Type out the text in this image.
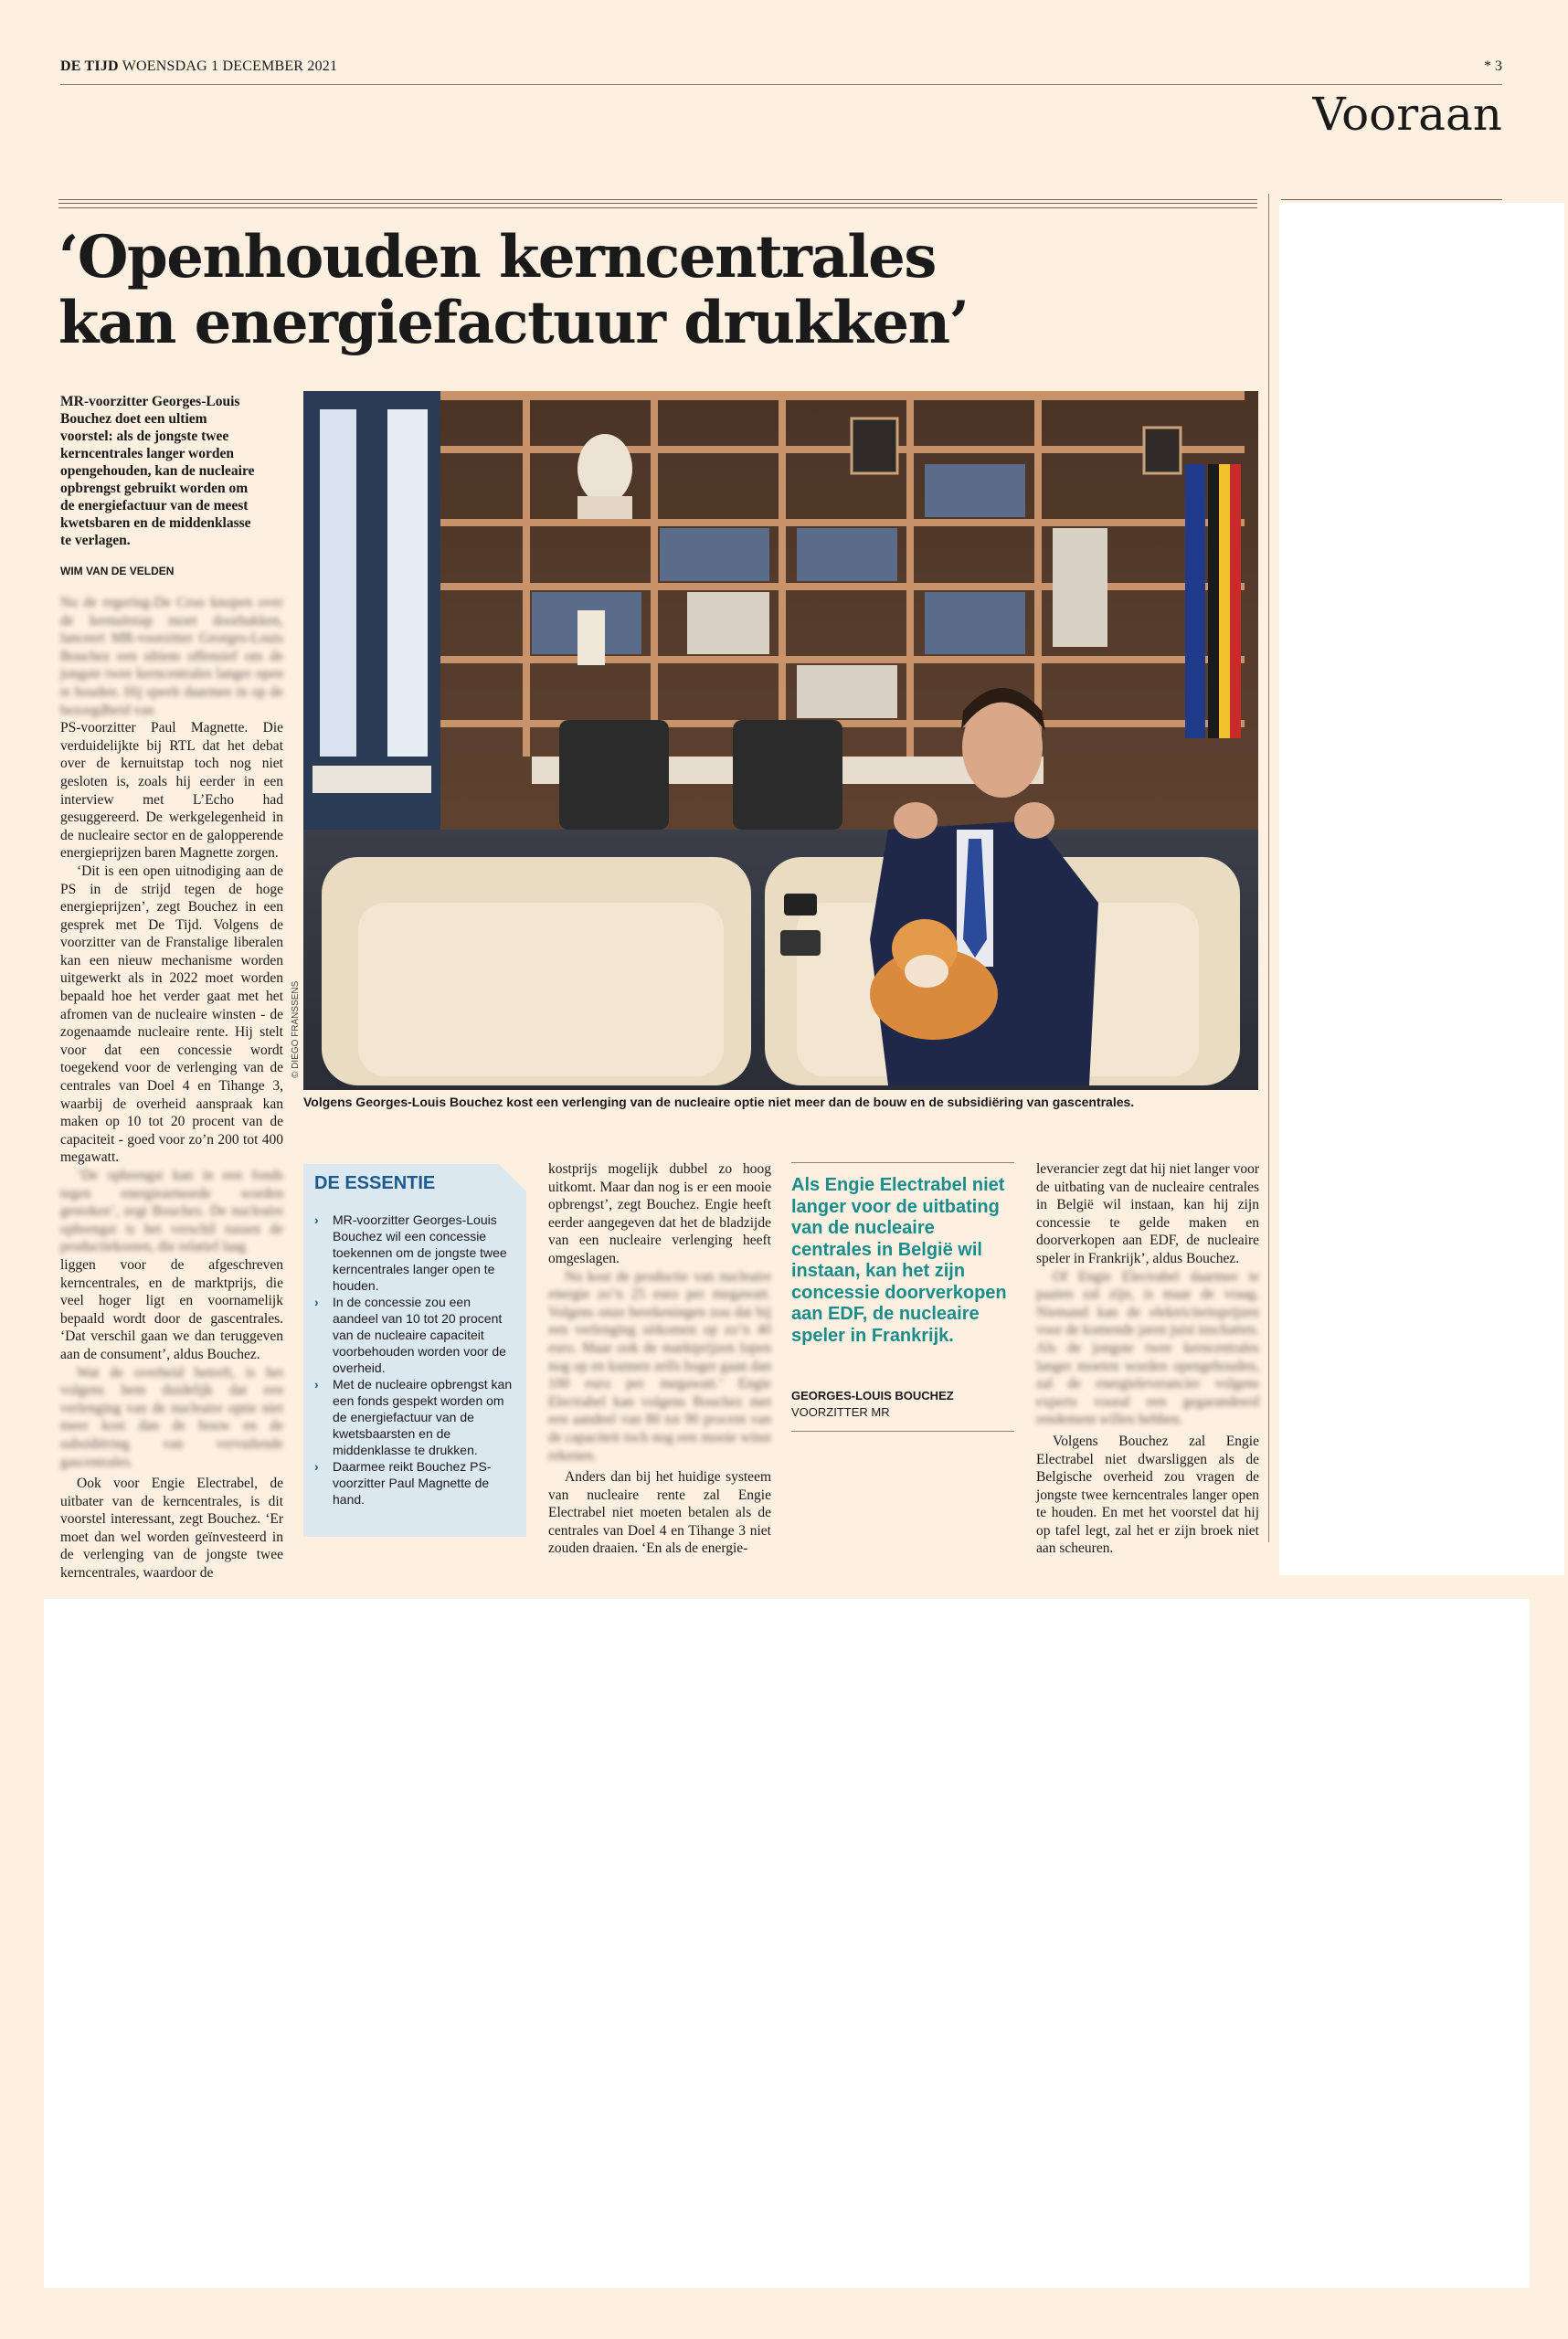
DE TIJD WOENSDAG 1 DECEMBER 2021	* 3
Vooraan
‘Openhouden kerncentrales
kan energiefactuur drukken’
MR-voorzitter Georges-Louis Bouchez doet een ultiem voorstel: als de jongste twee kerncentrales langer worden opengehouden, kan de nucleaire opbrengst gebruikt worden om de energiefactuur van de meest kwetsbaren en de middenklasse te verlagen.
WIM VAN DE VELDEN

Nu de regering-De Croo knopen over de kernuitstap moet doorhakken, lanceert MR-voorzitter Georges-Louis Bouchez een ultiem offensief om de jongste twee kerncentrales langer open te houden. Hij speelt daarmee in op de bezorgdheid van

PS-voorzitter Paul Magnette. Die verduidelijkte bij RTL dat het debat over de kernuitstap toch nog niet gesloten is, zoals hij eerder in een interview met L’Echo had gesuggereerd. De werkgelegenheid in de nucleaire sector en de galopperende energieprijzen baren Magnette zorgen.

‘Dit is een open uitnodiging aan de PS in de strijd tegen de hoge energieprijzen’, zegt Bouchez in een gesprek met De Tijd. Volgens de voorzitter van de Franstalige liberalen kan een nieuw mechanisme worden uitgewerkt als in 2022 moet worden bepaald hoe het verder gaat met het afromen van de nucleaire winsten - de zogenaamde nucleaire rente. Hij stelt voor dat een concessie wordt toegekend voor de verlenging van de centrales van Doel 4 en Tihange 3, waarbij de overheid aanspraak kan maken op 10 tot 20 procent van de capaciteit - goed voor zo’n 200 tot 400 megawatt.

‘De opbrengst kan in een fonds tegen energiearmoede worden gestoken’, zegt Bouchez. De nucleaire opbrengst is het verschil tussen de productiekosten, die relatief laag

liggen voor de afgeschreven kerncentrales, en de marktprijs, die veel hoger ligt en voornamelijk bepaald wordt door de gascentrales. ‘Dat verschil gaan we dan teruggeven aan de consument’, aldus Bouchez.

Wat de overheid betreft, is het volgens hem duidelijk dat een verlenging van de nucleaire optie niet meer kost dan de bouw en de subsidiëring van vervuilende gascentrales.

Ook voor Engie Electrabel, de uitbater van de kerncentrales, is dit voorstel interessant, zegt Bouchez. ‘Er moet dan wel worden geïnvesteerd in de verlenging van de jongste twee kerncentrales, waardoor de

© DIEGO FRANSSENS
Volgens Georges-Louis Bouchez kost een verlenging van de nucleaire optie niet meer dan de bouw en de subsidiëring van gascentrales.
DE ESSENTIE
› MR-voorzitter Georges-Louis Bouchez wil een concessie toekennen om de jongste twee kerncentrales langer open te houden.
› In de concessie zou een aandeel van 10 tot 20 procent van de nucleaire capaciteit voorbehouden worden voor de overheid.
› Met de nucleaire opbrengst kan een fonds gespekt worden om de energiefactuur van de kwetsbaarsten en de middenklasse te drukken.
› Daarmee reikt Bouchez PS-voorzitter Paul Magnette de hand.

kostprijs mogelijk dubbel zo hoog uitkomt. Maar dan nog is er een mooie opbrengst’, zegt Bouchez. Engie heeft eerder aangegeven dat het de bladzijde van een nucleaire verlenging heeft omgeslagen.

Nu kost de productie van nucleaire energie zo’n 25 euro per megawatt. Volgens onze berekeningen zou dat bij een verlenging uitkomen op zo’n 40 euro. Maar ook de marktprijzen lopen nog op en kunnen zelfs hoger gaan dan 100 euro per megawatt.’ Engie Electrabel kan volgens Bouchez met een aandeel van 80 tot 90 procent van de capaciteit toch nog een mooie winst rekenen.

Anders dan bij het huidige systeem van nucleaire rente zal Engie Electrabel niet moeten betalen als de centrales van Doel 4 en Tihange 3 niet zouden draaien. ‘En als de energie-

Als Engie Electrabel niet langer voor de uitbating van de nucleaire centrales in België wil instaan, kan het zijn concessie doorverkopen aan EDF, de nucleaire speler in Frankrijk.
GEORGES-LOUIS BOUCHEZ
VOORZITTER MR

leverancier zegt dat hij niet langer voor de uitbating van de nucleaire centrales in België wil instaan, kan hij zijn concessie te gelde maken en doorverkopen aan EDF, de nucleaire speler in Frankrijk’, aldus Bouchez.

Of Engie Electrabel daarmee te paaien zal zijn, is maar de vraag. Niemand kan de elektriciteitsprijzen voor de komende jaren juist inschatten. Als de jongste twee kerncentrales langer moeten worden opengehouden, zal de energieleverancier volgens experts vooral een gegarandeerd rendement willen hebben.

Volgens Bouchez zal Engie Electrabel niet dwarsliggen als de Belgische overheid zou vragen de jongste twee kerncentrales langer open te houden. En met het voorstel dat hij op tafel legt, zal het er zijn broek niet aan scheuren.
